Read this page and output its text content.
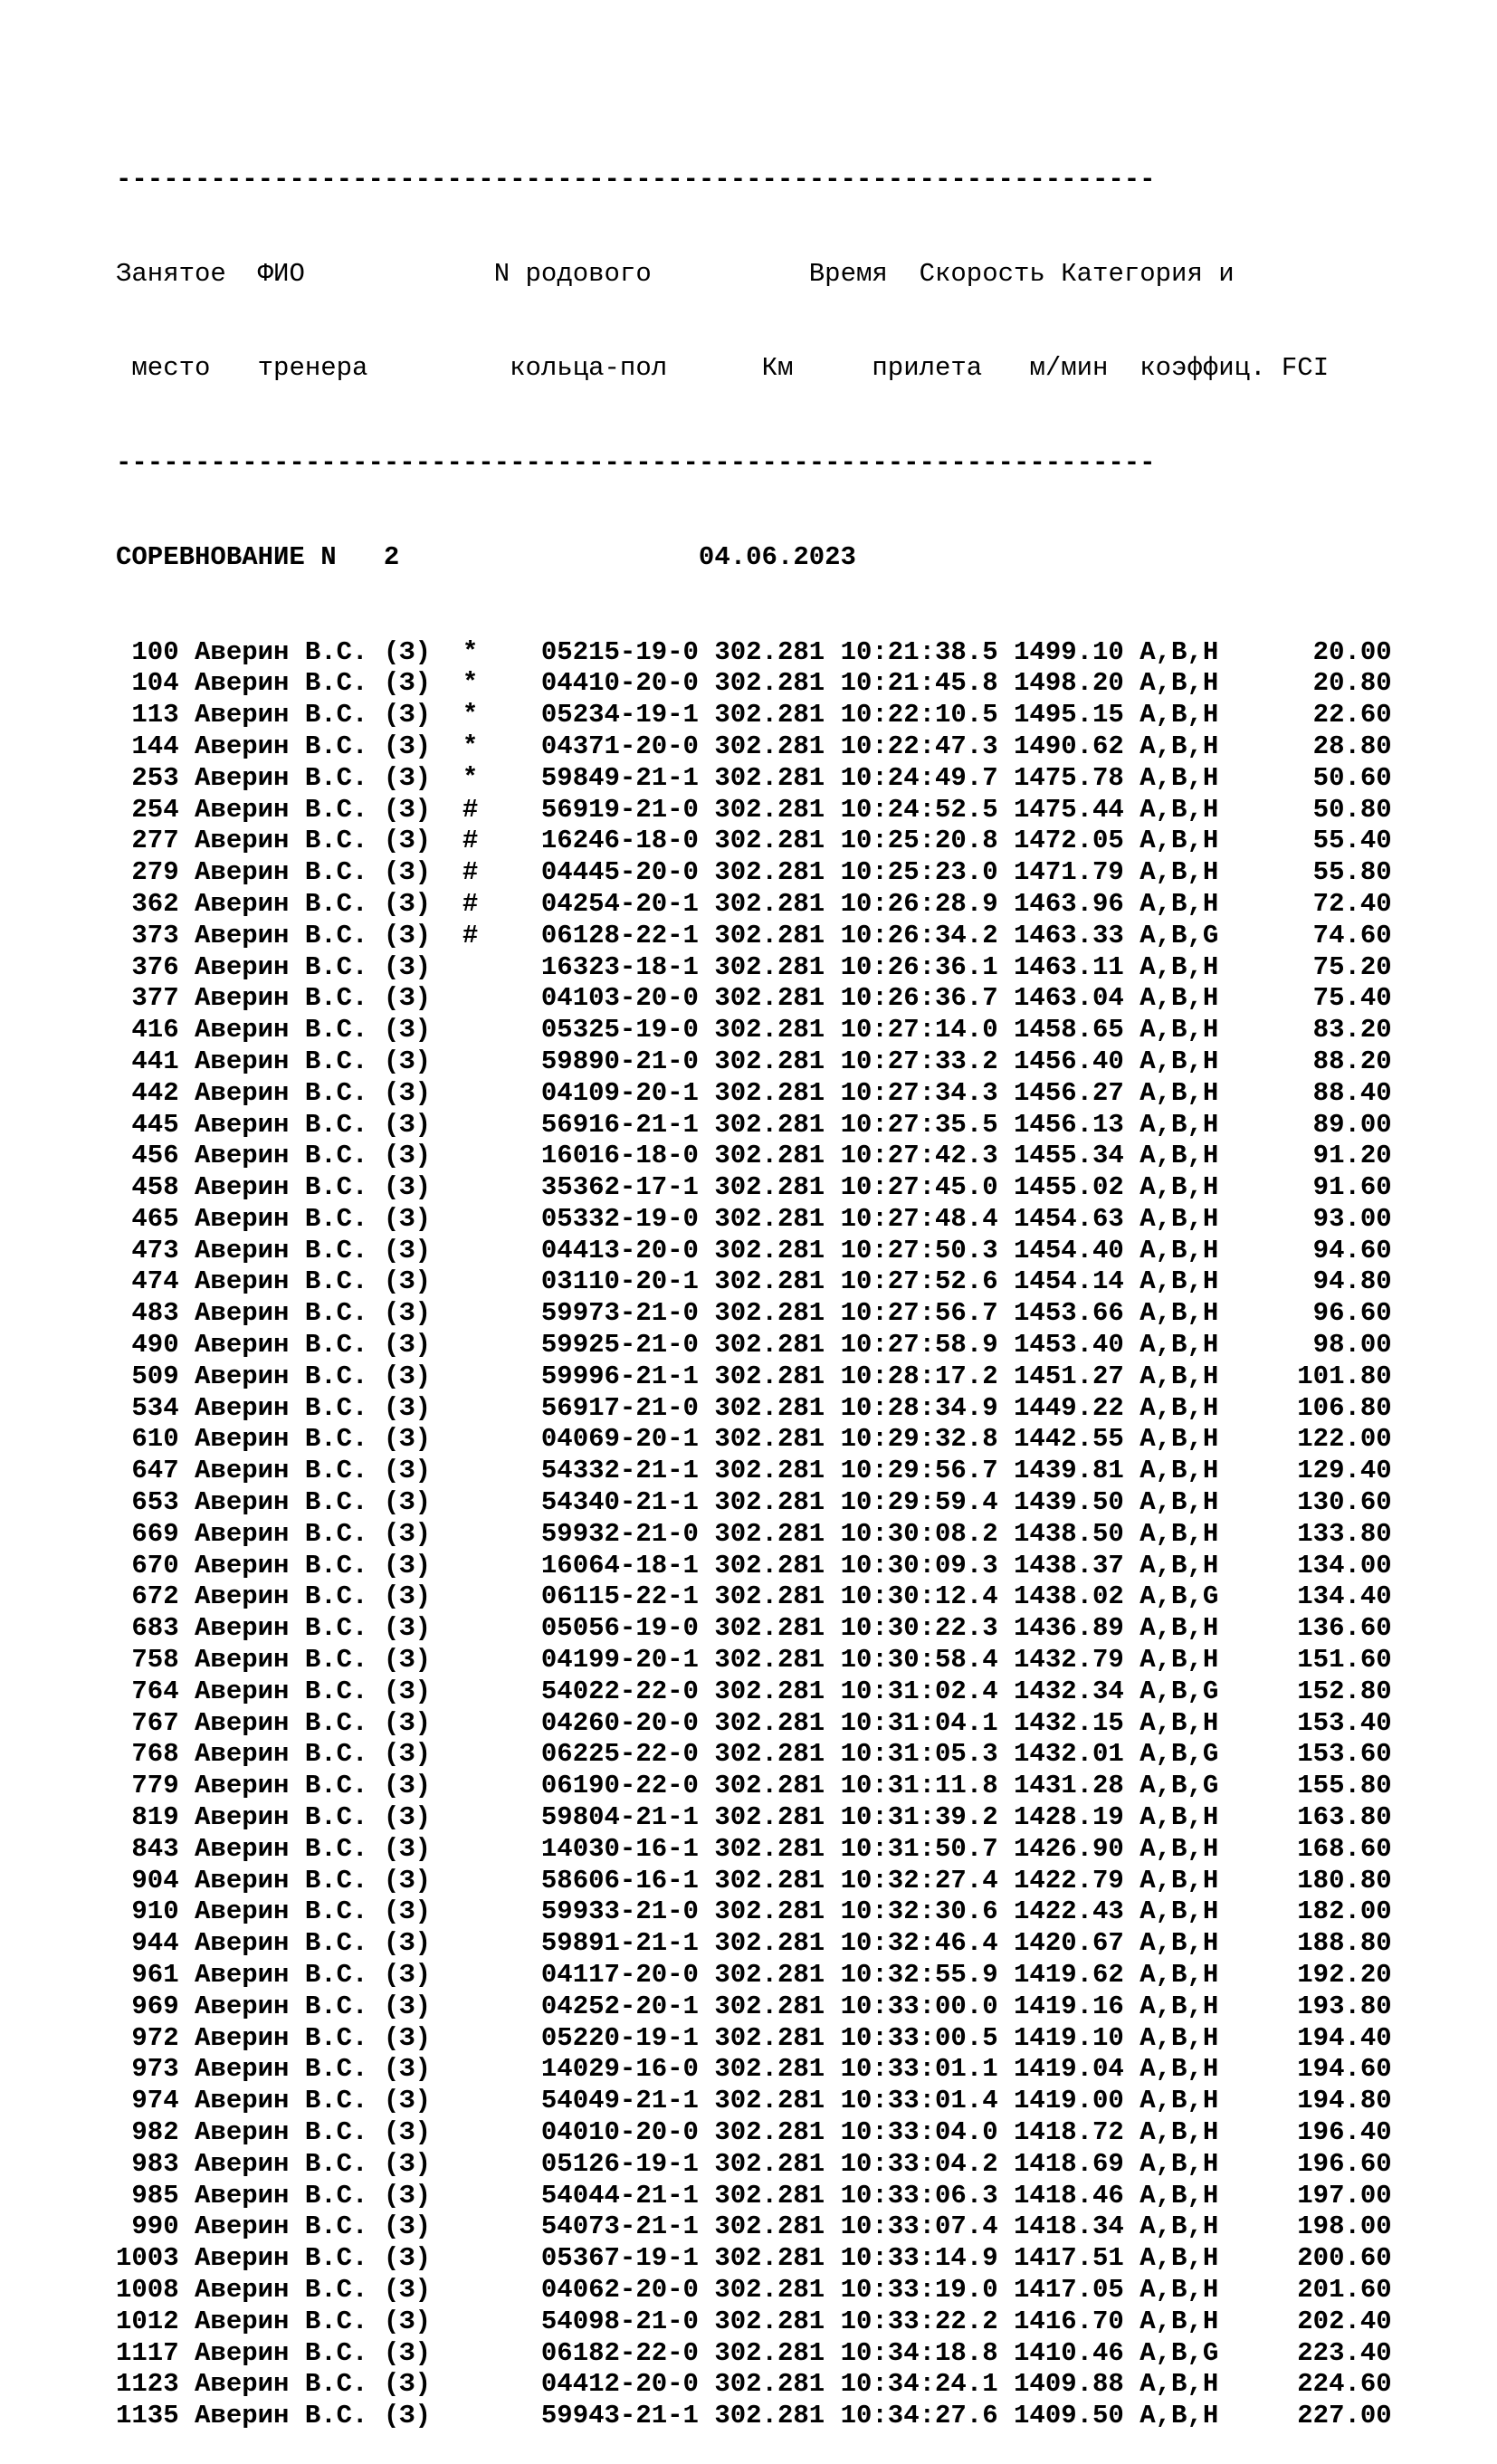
------------------------------------------------------------------

Занятое ФИО	N родового	Время Скорость Категория и

место тренера	кольца-пол	Км	прилета м/мин коэффиц. FCI

------------------------------------------------------------------

СОРЕВНОВАНИЕ N 2	04.06.2023

100 Аверин В.С. (З)  *    05215-19-0 302.281 10:21:38.5 1499.10 A,B,H      20.00
104 Аверин В.С. (З)  *    04410-20-0 302.281 10:21:45.8 1498.20 A,B,H      20.80
113 Аверин В.С. (З)  *    05234-19-1 302.281 10:22:10.5 1495.15 A,B,H      22.60
144 Аверин В.С. (З)  *    04371-20-0 302.281 10:22:47.3 1490.62 A,B,H      28.80
253 Аверин В.С. (З)  *    59849-21-1 302.281 10:24:49.7 1475.78 A,B,H      50.60
254 Аверин В.С. (З)  #    56919-21-0 302.281 10:24:52.5 1475.44 A,B,H      50.80
277 Аверин В.С. (З)  #    16246-18-0 302.281 10:25:20.8 1472.05 A,B,H      55.40
279 Аверин В.С. (З)  #    04445-20-0 302.281 10:25:23.0 1471.79 A,B,H      55.80
362 Аверин В.С. (З)  #    04254-20-1 302.281 10:26:28.9 1463.96 A,B,H      72.40
373 Аверин В.С. (З)  #    06128-22-1 302.281 10:26:34.2 1463.33 A,B,G      74.60
376 Аверин В.С. (З)	16323-18-1 302.281 10:26:36.1 1463.11 A,B,H      75.20
377 Аверин В.С. (З)	04103-20-0 302.281 10:26:36.7 1463.04 A,B,H      75.40
416 Аверин В.С. (З)	05325-19-0 302.281 10:27:14.0 1458.65 A,B,H      83.20
441 Аверин В.С. (З)	59890-21-0 302.281 10:27:33.2 1456.40 A,B,H      88.20
442 Аверин В.С. (З)	04109-20-1 302.281 10:27:34.3 1456.27 A,B,H      88.40
445 Аверин В.С. (З)	56916-21-1 302.281 10:27:35.5 1456.13 A,B,H      89.00
456 Аверин В.С. (З)	16016-18-0 302.281 10:27:42.3 1455.34 A,B,H      91.20
458 Аверин В.С. (З)	35362-17-1 302.281 10:27:45.0 1455.02 A,B,H      91.60
465 Аверин В.С. (З)	05332-19-0 302.281 10:27:48.4 1454.63 A,B,H      93.00
473 Аверин В.С. (З)	04413-20-0 302.281 10:27:50.3 1454.40 A,B,H      94.60
474 Аверин В.С. (З)	03110-20-1 302.281 10:27:52.6 1454.14 A,B,H      94.80
483 Аверин В.С. (З)	59973-21-0 302.281 10:27:56.7 1453.66 A,B,H      96.60
490 Аверин В.С. (З)	59925-21-0 302.281 10:27:58.9 1453.40 A,B,H      98.00
509 Аверин В.С. (З)	59996-21-1 302.281 10:28:17.2 1451.27 A,B,H     101.80
534 Аверин В.С. (З)	56917-21-0 302.281 10:28:34.9 1449.22 A,B,H     106.80
610 Аверин В.С. (З)	04069-20-1 302.281 10:29:32.8 1442.55 A,B,H     122.00
647 Аверин В.С. (З)	54332-21-1 302.281 10:29:56.7 1439.81 A,B,H     129.40
653 Аверин В.С. (З)	54340-21-1 302.281 10:29:59.4 1439.50 A,B,H     130.60
669 Аверин В.С. (З)	59932-21-0 302.281 10:30:08.2 1438.50 A,B,H     133.80
670 Аверин В.С. (З)	16064-18-1 302.281 10:30:09.3 1438.37 A,B,H     134.00
672 Аверин В.С. (З)	06115-22-1 302.281 10:30:12.4 1438.02 A,B,G     134.40
683 Аверин В.С. (З)	05056-19-0 302.281 10:30:22.3 1436.89 A,B,H     136.60
758 Аверин В.С. (З)	04199-20-1 302.281 10:30:58.4 1432.79 A,B,H     151.60
764 Аверин В.С. (З)	54022-22-0 302.281 10:31:02.4 1432.34 A,B,G     152.80
767 Аверин В.С. (З)	04260-20-0 302.281 10:31:04.1 1432.15 A,B,H     153.40
768 Аверин В.С. (З)	06225-22-0 302.281 10:31:05.3 1432.01 A,B,G     153.60
779 Аверин В.С. (З)	06190-22-0 302.281 10:31:11.8 1431.28 A,B,G     155.80
819 Аверин В.С. (З)	59804-21-1 302.281 10:31:39.2 1428.19 A,B,H     163.80
843 Аверин В.С. (З)	14030-16-1 302.281 10:31:50.7 1426.90 A,B,H     168.60
904 Аверин В.С. (З)	58606-16-1 302.281 10:32:27.4 1422.79 A,B,H     180.80
910 Аверин В.С. (З)	59933-21-0 302.281 10:32:30.6 1422.43 A,B,H     182.00
944 Аверин В.С. (З)	59891-21-1 302.281 10:32:46.4 1420.67 A,B,H     188.80
961 Аверин В.С. (З)	04117-20-0 302.281 10:32:55.9 1419.62 A,B,H     192.20
969 Аверин В.С. (З)	04252-20-1 302.281 10:33:00.0 1419.16 A,B,H     193.80
972 Аверин В.С. (З)	05220-19-1 302.281 10:33:00.5 1419.10 A,B,H     194.40
973 Аверин В.С. (З)	14029-16-0 302.281 10:33:01.1 1419.04 A,B,H     194.60
974 Аверин В.С. (З)	54049-21-1 302.281 10:33:01.4 1419.00 A,B,H     194.80
982 Аверин В.С. (З)	04010-20-0 302.281 10:33:04.0 1418.72 A,B,H     196.40
983 Аверин В.С. (З)	05126-19-1 302.281 10:33:04.2 1418.69 A,B,H     196.60
985 Аверин В.С. (З)	54044-21-1 302.281 10:33:06.3 1418.46 A,B,H     197.00
990 Аверин В.С. (З)	54073-21-1 302.281 10:33:07.4 1418.34 A,B,H     198.00
1003 Аверин В.С. (З)	05367-19-1 302.281 10:33:14.9 1417.51 A,B,H     200.60
1008 Аверин В.С. (З)	04062-20-0 302.281 10:33:19.0 1417.05 A,B,H     201.60
1012 Аверин В.С. (З)	54098-21-0 302.281 10:33:22.2 1416.70 A,B,H     202.40
1117 Аверин В.С. (З)	06182-22-0 302.281 10:34:18.8 1410.46 A,B,G     223.40
1123 Аверин В.С. (З)	04412-20-0 302.281 10:34:24.1 1409.88 A,B,H     224.60
1135 Аверин В.С. (З)	59943-21-1 302.281 10:34:27.6 1409.50 A,B,H     227.00
